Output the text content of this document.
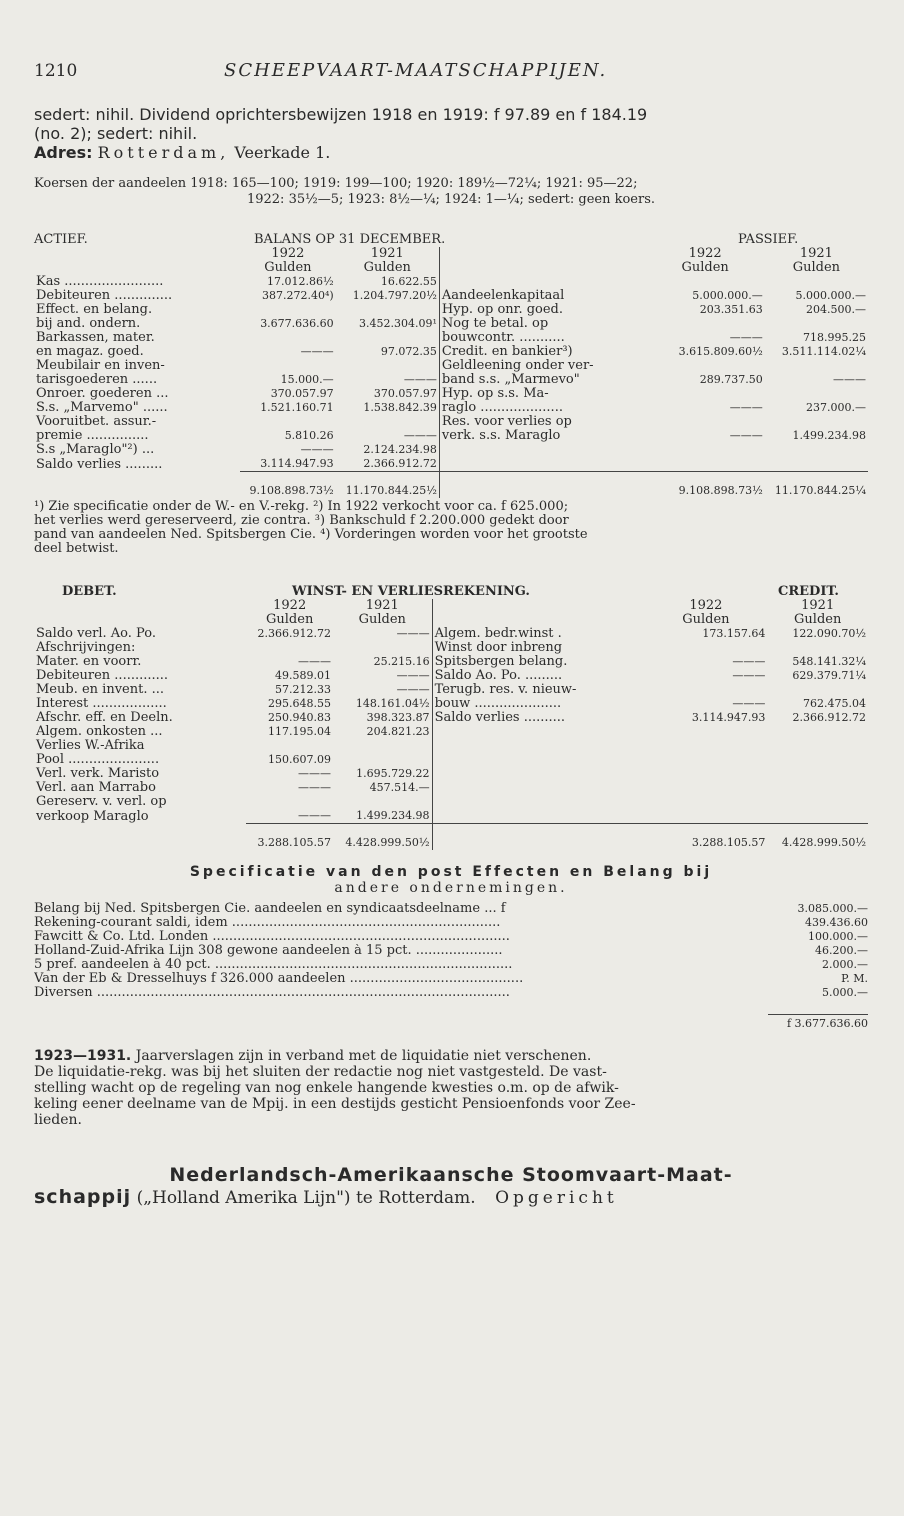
1210	SCHEEPVAART-MAATSCHAPPIJEN.

sedert: nihil. Dividend oprichtersbewijzen 1918 en 1919: f 97.89 en f 184.19

(no. 2); sedert: nihil.

Adres: Rotterdam, Veerkade 1.

Koersen der aandeelen 1918: 165—100; 1919: 199—100; 1920: 189½—72¼; 1921: 95—22;

1922: 35½—5; 1923: 8½—¼; 1924: 1—¼; sedert: geen koers.

ACTIEF.	BALANS OP 31 DECEMBER.	PASSIEF.
	1922	1921		1922	1921
	Gulden	Gulden		Gulden	Gulden
Kas ........................	17.012.86½	16.622.55			
Debiteuren ..............	387.272.40⁴)	1.204.797.20½	Aandeelenkapitaal	5.000.000.—	5.000.000.—
Effect. en belang.			Hyp. op onr. goed.	203.351.63	204.500.—
bij and. ondern.	3.677.636.60	3.452.304.09¹	Nog te betal. op		
Barkassen, mater.			bouwcontr. ...........	———	718.995.25
en magaz. goed.	———	97.072.35	Credit. en bankier³)	3.615.809.60½	3.511.114.02¼
Meubilair en inven-			Geldleening onder ver-		
tarisgoederen ......	15.000.—	———	band s.s. „Marmevo"	289.737.50	———
Onroer. goederen ...	370.057.97	370.057.97	Hyp. op s.s. Ma-		
S.s. „Marvemo" ......	1.521.160.71	1.538.842.39	raglo ....................	———	237.000.—
Vooruitbet. assur.-			Res. voor verlies op		
premie ...............	5.810.26	———	verk. s.s. Maraglo	———	1.499.234.98
S.s „Maraglo"²) ...	———	2.124.234.98			
Saldo verlies .........	3.114.947.93	2.366.912.72			
	9.108.898.73½	11.170.844.25½		9.108.898.73½	11.170.844.25¼
¹) Zie specificatie onder de W.- en V.-rekg. ²) In 1922 verkocht voor ca. f 625.000;
het verlies werd gereserveerd, zie contra. ³) Bankschuld f 2.200.000 gedekt door
pand van aandeelen Ned. Spitsbergen Cie. ⁴) Vorderingen worden voor het grootste
deel betwist.
DEBET.	WINST- EN VERLIESREKENING.	CREDIT.
	1922	1921		1922	1921
	Gulden	Gulden		Gulden	Gulden
Saldo verl. Ao. Po.	2.366.912.72	———	Algem. bedr.winst .	173.157.64	122.090.70½
Afschrijvingen:			Winst door inbreng		
Mater. en voorr.	———	25.215.16	Spitsbergen belang.	———	548.141.32¼
Debiteuren .............	49.589.01	———	Saldo Ao. Po. .........	———	629.379.71¼
Meub. en invent. ...	57.212.33	———	Terugb. res. v. nieuw-		
Interest ..................	295.648.55	148.161.04½	bouw .....................	———	762.475.04
Afschr. eff. en Deeln.	250.940.83	398.323.87	Saldo verlies ..........	3.114.947.93	2.366.912.72
Algem. onkosten ...	117.195.04	204.821.23			
Verlies W.-Afrika					
Pool ......................	150.607.09				
Verl. verk. Maristo	———	1.695.729.22			
Verl. aan Marrabo	———	457.514.—			
Gereserv. v. verl. op					
verkoop Maraglo	———	1.499.234.98			
	3.288.105.57	4.428.999.50½		3.288.105.57	4.428.999.50½
Specificatie van den post Effecten en Belang bij
andere ondernemingen.
Belang bij Ned. Spitsbergen Cie. aandeelen en syndicaatsdeelname ... f	3.085.000.—
Rekening-courant saldi, idem .................................................................	439.436.60
Fawcitt & Co. Ltd. Londen ........................................................................	100.000.—
Holland-Zuid-Afrika Lijn 308 gewone aandeelen à 15 pct. .....................	46.200.—
5 pref. aandeelen à 40 pct. ........................................................................	2.000.—
Van der Eb & Dresselhuys f 326.000 aandeelen ..........................................	P. M.
Diversen ....................................................................................................	5.000.—
f 3.677.636.60
1923—1931. Jaarverslagen zijn in verband met de liquidatie niet verschenen.
De liquidatie-rekg. was bij het sluiten der redactie nog niet vastgesteld. De vast-
stelling wacht op de regeling van nog enkele hangende kwesties o.m. op de afwik-
keling eener deelname van de Mpij. in een destijds gesticht Pensioenfonds voor Zee-
lieden.
Nederlandsch-Amerikaansche Stoomvaart-Maat-
schappij („Holland Amerika Lijn") te Rotterdam. Opgericht
